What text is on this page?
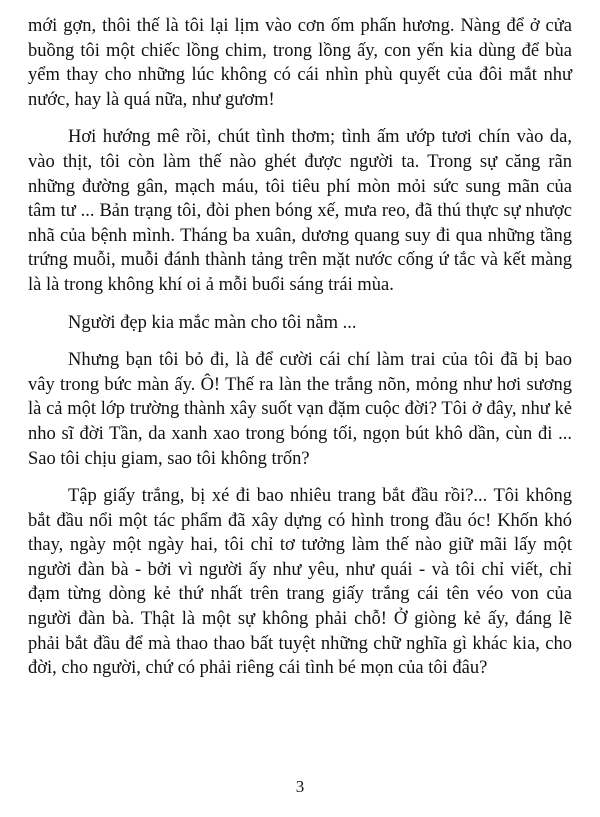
mới gợn, thôi thế là tôi lại lịm vào cơn ốm phấn hương. Nàng để ở cửa buồng tôi một chiếc lồng chim, trong lồng ấy, con yến kia dùng để bùa yểm thay cho những lúc không có cái nhìn phù quyết của đôi mắt như nước, hay là quá nữa, như gươm!

Hơi hướng mê rồi, chút tình thơm; tình ấm ướp tươi chín vào da, vào thịt, tôi còn làm thế nào ghét được người ta. Trong sự căng rãn những đường gân, mạch máu, tôi tiêu phí mòn mỏi sức sung mãn của tâm tư ... Bản trạng tôi, đòi phen bóng xế, mưa reo, đã thú thực sự nhược nhã của bệnh mình. Tháng ba xuân, dương quang suy đi qua những tầng trứng muỗi, muỗi đánh thành tảng trên mặt nước cống ứ tắc và kết màng là là trong không khí oi ả mỗi buổi sáng trái mùa.

Người đẹp kia mắc màn cho tôi nằm ...

Nhưng bạn tôi bỏ đi, là để cười cái chí làm trai của tôi đã bị bao vây trong bức màn ấy. Ô! Thế ra làn the trắng nõn, mỏng như hơi sương là cả một lớp trường thành xây suốt vạn đặm cuộc đời? Tôi ở đây, như kẻ nho sĩ đời Tần, da xanh xao trong bóng tối, ngọn bút khô dần, cùn đi ... Sao tôi chịu giam, sao tôi không trốn?

Tập giấy trắng, bị xé đi bao nhiêu trang bắt đầu rồi?... Tôi không bắt đầu nổi một tác phẩm đã xây dựng có hình trong đầu óc! Khốn khó thay, ngày một ngày hai, tôi chỉ tơ tưởng làm thế nào giữ mãi lấy một người đàn bà - bởi vì người ấy như yêu, như quái - và tôi chỉ viết, chỉ đạm từng dòng kẻ thứ nhất trên trang giấy trắng cái tên véo von của người đàn bà. Thật là một sự không phải chỗ! Ở giòng kẻ ấy, đáng lẽ phải bắt đầu để mà thao thao bất tuyệt những chữ nghĩa gì khác kia, cho đời, cho người, chứ có phải riêng cái tình bé mọn của tôi đâu?

3
